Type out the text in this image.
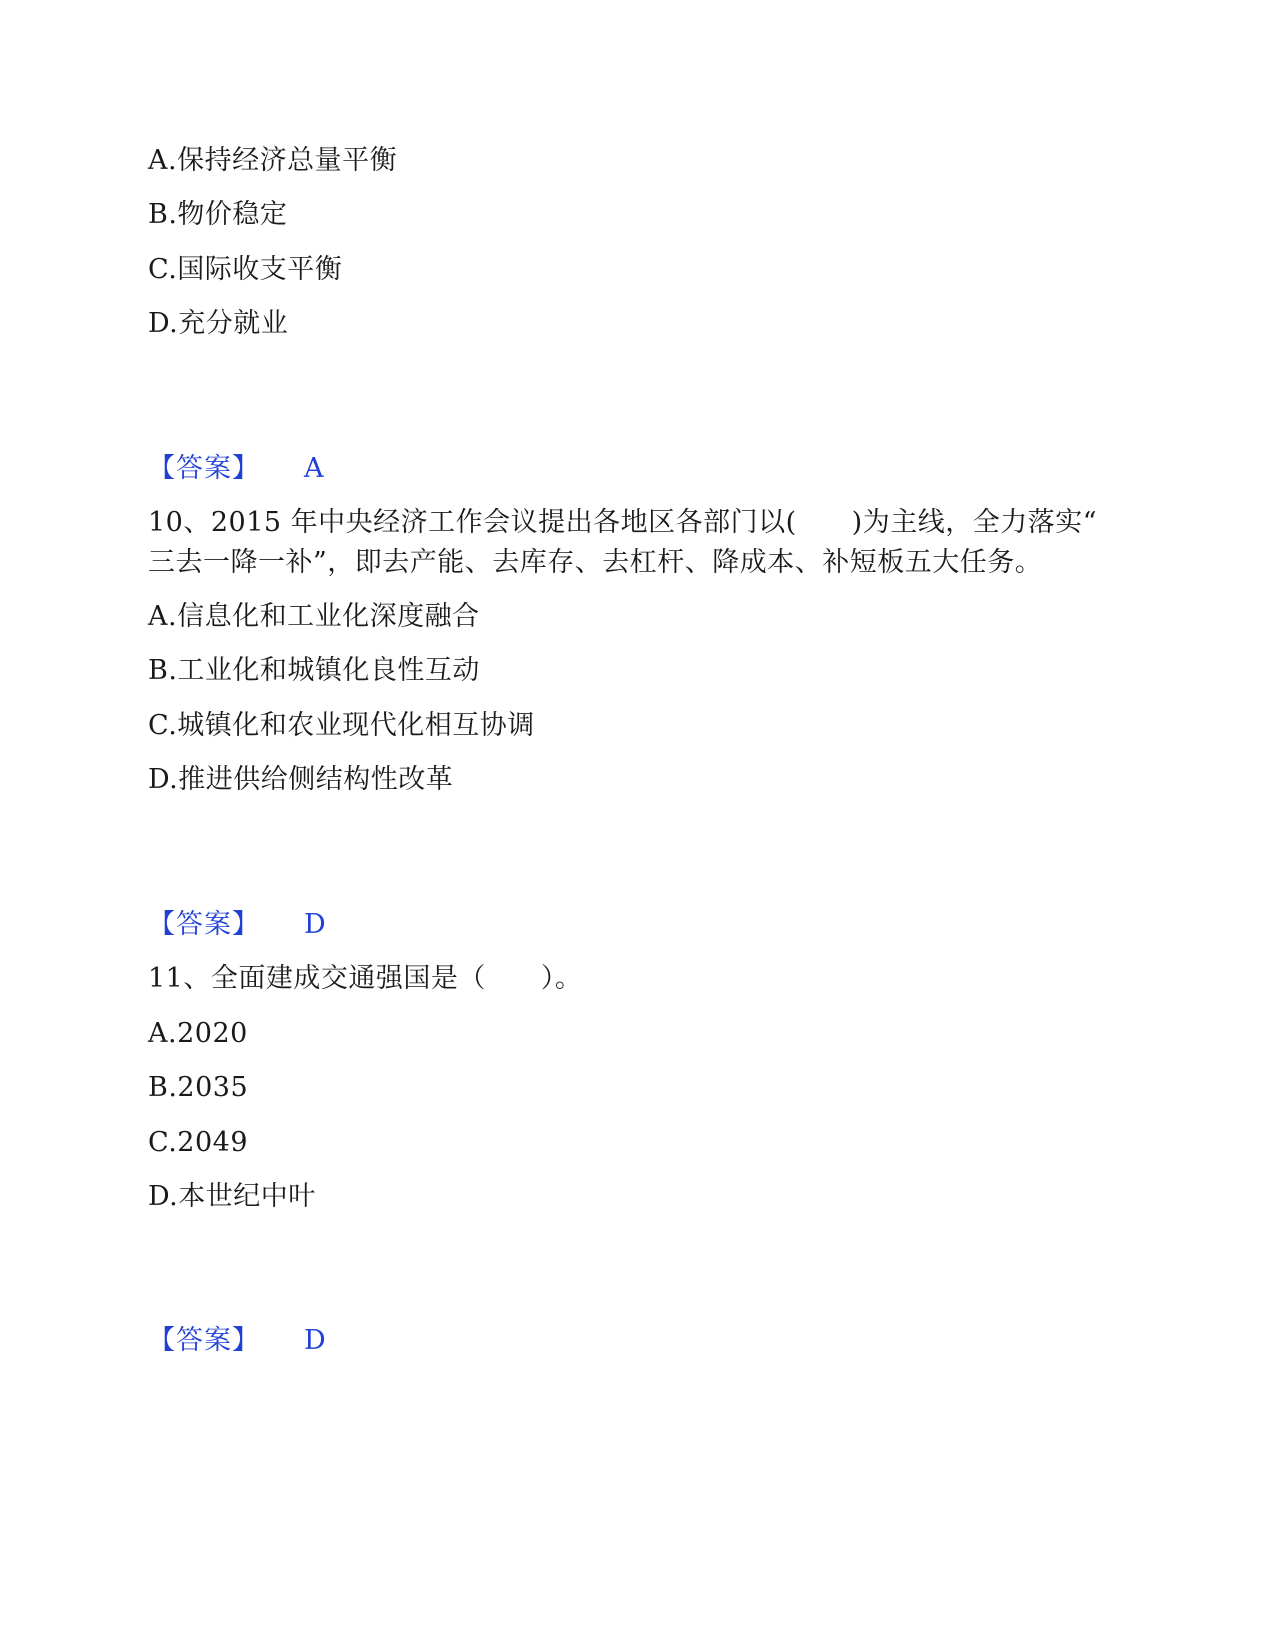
A.保持经济总量平衡
B.物价稳定
C.国际收支平衡
D.充分就业
【答案】 A
10、2015 年中央经济工作会议提出各地区各部门以(　　)为主线，全力落实“
三去一降一补”，即去产能、去库存、去杠杆、降成本、补短板五大任务。
A.信息化和工业化深度融合
B.工业化和城镇化良性互动
C.城镇化和农业现代化相互协调
D.推进供给侧结构性改革
【答案】 D
11、全面建成交通强国是（　　）。
A.2020
B.2035
C.2049
D.本世纪中叶
【答案】 D
